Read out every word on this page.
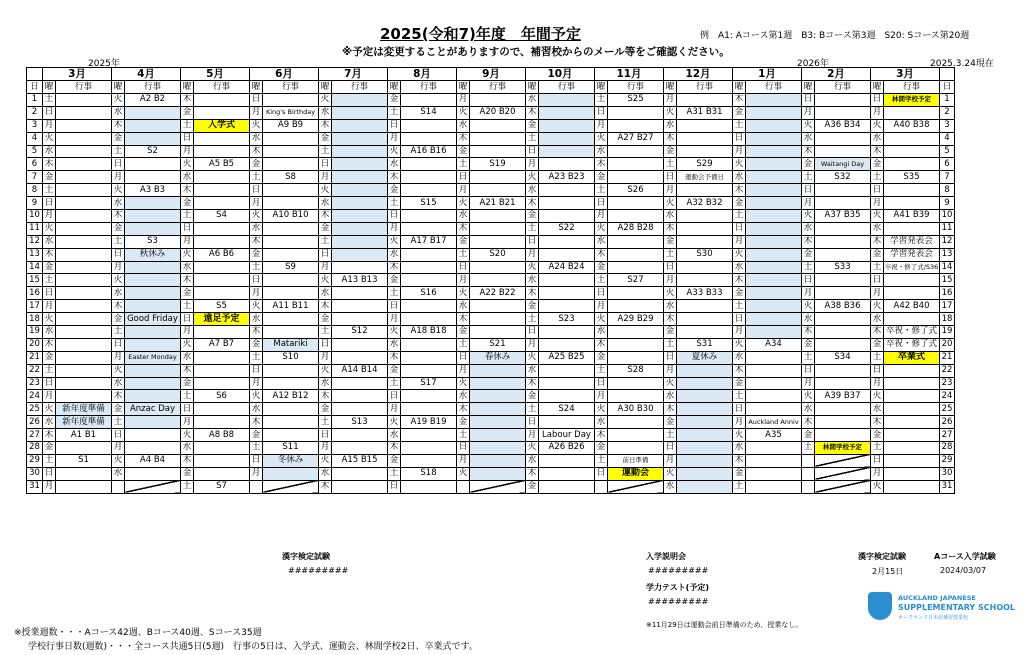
2025(令和7)年度　年間予定	例　A1: Aコース第1週　B3: Bコース第3週　S20: Sコース第20週
※予定は変更することがありますので、補習校からのメール等をご確認ください。
2025年	2026年	2025.3.24現在
	3月		4月		5月		6月		7月		8月		9月		10月		11月		12月		1月		2月		3月		
日	曜	行事	曜	行事	曜	行事	曜	行事	曜	行事	曜	行事	曜	行事	曜	行事	曜	行事	曜	行事	曜	行事	曜	行事	曜	行事	日
1	土		火	A2 B2	木		日		火		金		月		水		土	S25	月		木		日		日	林間学校予定	1
2	日		水		金		月	King's Birthday	水		土	S14	火	A20 B20	木		日		火	A31 B31	金		月		月		2
3	月		木		土	入学式	火	A9 B9	木		日		水		金		月		水		土		火	A36 B34	火	A40 B38	3
4	火		金		日		水		金		月		木		土		火	A27 B27	木		日		水		水		4
5	水		土	S2	月		木		土		火	A16 B16	金		日		水		金		月		木		木		5
6	木		日		火	A5 B5	金		日		水		土	S19	月		木		土	S29	火		金	Waitangi Day	金		6
7	金		月		水		土	S8	月		木		日		火	A23 B23	金		日	運動会予備日	水		土	S32	土	S35	7
8	土		火	A3 B3	木		日		火		金		月		水		土	S26	月		木		日		日		8
9	日		水		金		月		水		土	S15	火	A21 B21	木		日		火	A32 B32	金		月		月		9
10	月		木		土	S4	火	A10 B10	木		日		水		金		月		水		土		火	A37 B35	火	A41 B39	10
11	火		金		日		水		金		月		木		土	S22	火	A28 B28	木		日		水		水		11
12	水		土	S3	月		木		土		火	A17 B17	金		日		水		金		月		木		木	学習発表会	12
13	木		日	秋休み	火	A6 B6	金		日		水		土	S20	月		木		土	S30	火		金		金	学習発表会	13
14	金		月		水		土	S9	月		木		日		火	A24 B24	金		日		水		土	S33	土	卒祝・修了式/S36	14
15	土		火		木		日		火	A13 B13	金		月		水		土	S27	月		木		日		日		15
16	日		水		金		月		水		土	S16	火	A22 B22	木		日		火	A33 B33	金		月		月		16
17	月		木		土	S5	火	A11 B11	木		日		水		金		月		水		土		火	A38 B36	火	A42 B40	17
18	火		金	Good Friday	日	遠足予定	水		金		月		木		土	S23	火	A29 B29	木		日		水		水		18
19	水		土		月		木		土	S12	火	A18 B18	金		日		水		金		月		木		木	卒祝・修了式	19
20	木		日		火	A7 B7	金	Matariki	日		水		土	S21	月		木		土	S31	火	A34	金		金	卒祝・修了式	20
21	金		月	Easter Monday	水		土	S10	月		木		日	春休み	火	A25 B25	金		日	夏休み	水		土	S34	土	卒業式	21
22	土		火		木		日		火	A14 B14	金		月		水		土	S28	月		木		日		日		22
23	日		水		金		月		水		土	S17	火		木		日		火		金		月		月		23
24	月		木		土	S6	火	A12 B12	木		日		水		金		月		水		土		火	A39 B37	火		24
25	火	新年度準備	金	Anzac Day	日		水		金		月		木		土	S24	火	A30 B30	木		日		水		水		25
26	水	新年度準備	土		月		木		土	S13	火	A19 B19	金		日		水		金		月	Auckland Anniv	木		木		26
27	木	A1 B1	日		火	A8 B8	金		日		水		土		月	Labour Day	木		土		火	A35	金		金		27
28	金		月		水		土	S11	月		木		日		火	A26 B26	金		日		水		土	林間学校予定	土		28
29	土	S1	火	A4 B4	木		日	冬休み	火	A15 B15	金		月		水		土	前日準備	月		木				日		29
30	日		水		金		月		水		土	S18	火		木		日	運動会	火		金				月		30
31	月				土	S7			木		日				金				水		土				火		31
漢字検定試験
#########
入学説明会
#########
学力テスト(予定)
#########
漢字検定試験
2月15日
Aコース入学試験
2024/03/07
※11月29日は運動会前日準備のため、授業なし。
※授業週数・・・Aコース42週、Bコース40週、Sコース35週
学校行事日数(週数)・・・全コース共通5日(5週)　行事の5日は、入学式、運動会、林間学校2日、卒業式です。
AUCKLAND JAPANESE
SUPPLEMENTARY SCHOOL
オークランド日本語補習授業校
